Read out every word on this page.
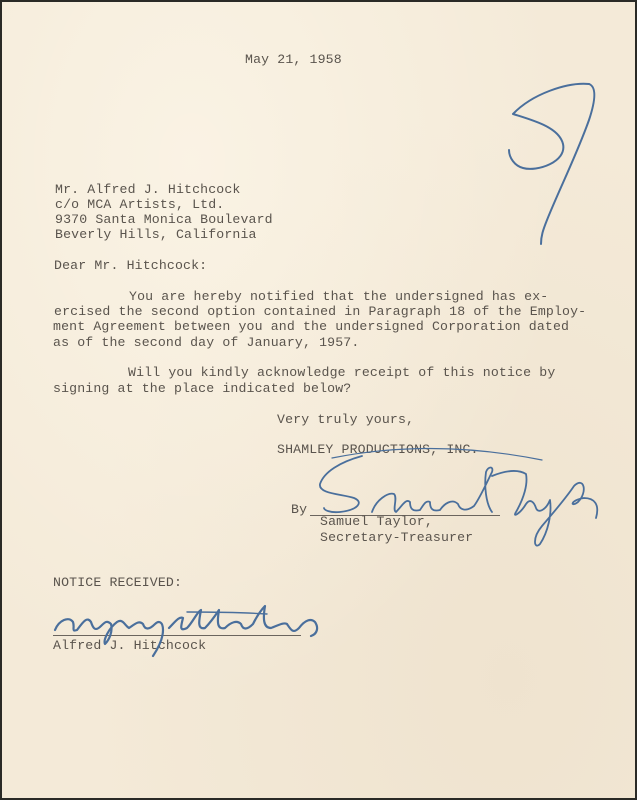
May 21, 1958
Mr. Alfred J. Hitchcock
c/o MCA Artists, Ltd.
9370 Santa Monica Boulevard
Beverly Hills, California
Dear Mr. Hitchcock:
You are hereby notified that the undersigned has ex-
ercised the second option contained in Paragraph 18 of the Employ-
ment Agreement between you and the undersigned Corporation dated
as of the second day of January, 1957.
Will you kindly acknowledge receipt of this notice by
signing at the place indicated below?
Very truly yours,
SHAMLEY PRODUCTIONS, INC.
By
Samuel Taylor,
Secretary-Treasurer
NOTICE RECEIVED:
Alfred J. Hitchcock
